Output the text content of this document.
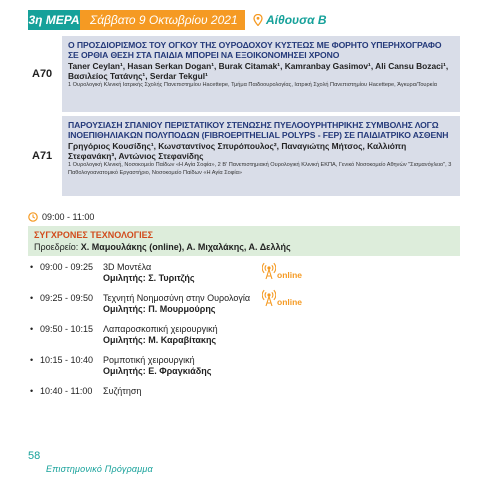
3η ΜΕΡΑ Σάββατο 9 Οκτωβρίου 2021	Αίθουσα Β
A70
Ο ΠΡΟΣΔΙΟΡΙΣΜΟΣ ΤΟΥ ΟΓΚΟΥ ΤΗΣ ΟΥΡΟΔΟΧΟΥ ΚΥΣΤΕΩΣ ΜΕ ΦΟΡΗΤΟ ΥΠΕΡΗΧΟΓΡΑΦΟ ΣΕ ΟΡΘΙΑ ΘΕΣΗ ΣΤΑ ΠΑΙΔΙΑ ΜΠΟΡΕΙ ΝΑ ΕΞΟΙΚΟΝΟΜΗΣΕΙ ΧΡΟΝΟ
Taner Ceylan¹, Hasan Serkan Dogan¹, Burak Citamak¹, Kamranbay Gasimov¹, Ali Cansu Bozaci¹, Βασιλείος Τατάνης¹, Serdar Tekgul¹
1 Ουρολογική Κλινική Ιατρικής Σχολής Πανεπιστημίου Hacettepe, Τμήμα Παιδοουρολογίας, Ιατρική Σχολή Πανεπιστημίου Hacettepe, Άγκυρα/Τουρκία
A71
ΠΑΡΟΥΣΙΑΣΗ ΣΠΑΝΙΟΥ ΠΕΡΙΣΤΑΤΙΚΟΥ ΣΤΕΝΩΣΗΣ ΠΥΕΛΟΟΥΡΗΤΗΡΙΚΗΣ ΣΥΜΒΟΛΗΣ ΛΟΓΩ ΙΝΟΕΠΙΘΗΛΙΑΚΩΝ ΠΟΛΥΠΟΔΩΝ (FIBROEPITHELIAL POLYPS - FEP) ΣΕ ΠΑΙΔΙΑΤΡΙΚΟ ΑΣΘΕΝΗ
Γρηγόριος Κουσίδης¹, Κωνσταντίνος Σπυρόπουλος², Παναγιώτης Μήτσος, Καλλιόπη Στεφανάκη³, Αντώνιος Στεφανίδης
1 Ουρολογική Κλινική, Νοσοκομείο Παίδων «Η Αγία Σοφία», 2 Β' Πανεπιστημιακή Ουρολογική Κλινική ΕΚΠΑ, Γενικό Νοσοκομείο Αθηνών "Σισμανόγλειο", 3 Παθολογοανατομικό Εργαστήριο, Νοσοκομείο Παίδων «Η Αγία Σοφία»
09:00 - 11:00
ΣΥΓΧΡΟΝΕΣ ΤΕΧΝΟΛΟΓΙΕΣ
Προεδρείο: Χ. Μαμουλάκης (online), Α. Μιχαλάκης, Α. Δελλής
• 09:00 - 09:25	3D Μοντέλα
Ομιλητής: Σ. Τυριτζής
• 09:25 - 09:50	Τεχνητή Νοημοσύνη στην Ουρολογία
Ομιλητής: Π. Μουρμούρης
• 09:50 - 10:15	Λαπαροσκοπική χειρουργική
Ομιλητής: Μ. Καραβίτακης
• 10:15 - 10:40	Ρομποτική χειρουργική
Ομιλητής: Ε. Φραγκιάδης
• 10:40 - 11:00	Συζήτηση
online
online
58
Επιστημονικό Πρόγραμμα
